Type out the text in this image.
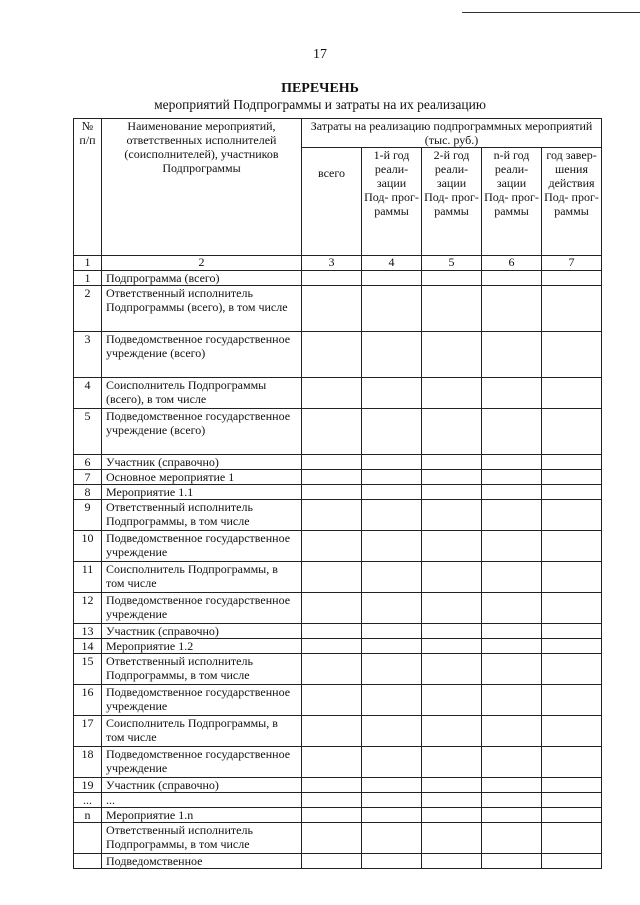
17
ПЕРЕЧЕНЬ
мероприятий Подпрограммы и затраты на их реализацию
№ п/п	Наименование мероприятий, ответственных исполнителей (соисполнителей), участников Подпрограммы	Затраты на реализацию подпрограммных мероприятий (тыс. руб.)				
		всего	1-й год реали- зации Под- прог- раммы	2-й год реали- зации Под- прог- раммы	n-й год реали- зации Под- прог- раммы	год завер- шения действия Под- прог- раммы
1	2	3	4	5	6	7
1	Подпрограмма (всего)					
2	Ответственный исполнитель Подпрограммы (всего), в том числе					
3	Подведомственное государственное учреждение (всего)					
4	Соисполнитель Подпрограммы (всего), в том числе					
5	Подведомственное государственное учреждение (всего)					
6	Участник (справочно)					
7	Основное мероприятие 1					
8	Мероприятие 1.1					
9	Ответственный исполнитель Подпрограммы, в том числе					
10	Подведомственное государственное учреждение					
11	Соисполнитель Подпрограммы, в том числе					
12	Подведомственное государственное учреждение					
13	Участник (справочно)					
14	Мероприятие 1.2					
15	Ответственный исполнитель Подпрограммы, в том числе					
16	Подведомственное государственное учреждение					
17	Соисполнитель Подпрограммы, в том числе					
18	Подведомственное государственное учреждение					
19	Участник (справочно)					
...	...					
n	Мероприятие 1.n					
	Ответственный исполнитель Подпрограммы, в том числе					
	Подведомственное					
